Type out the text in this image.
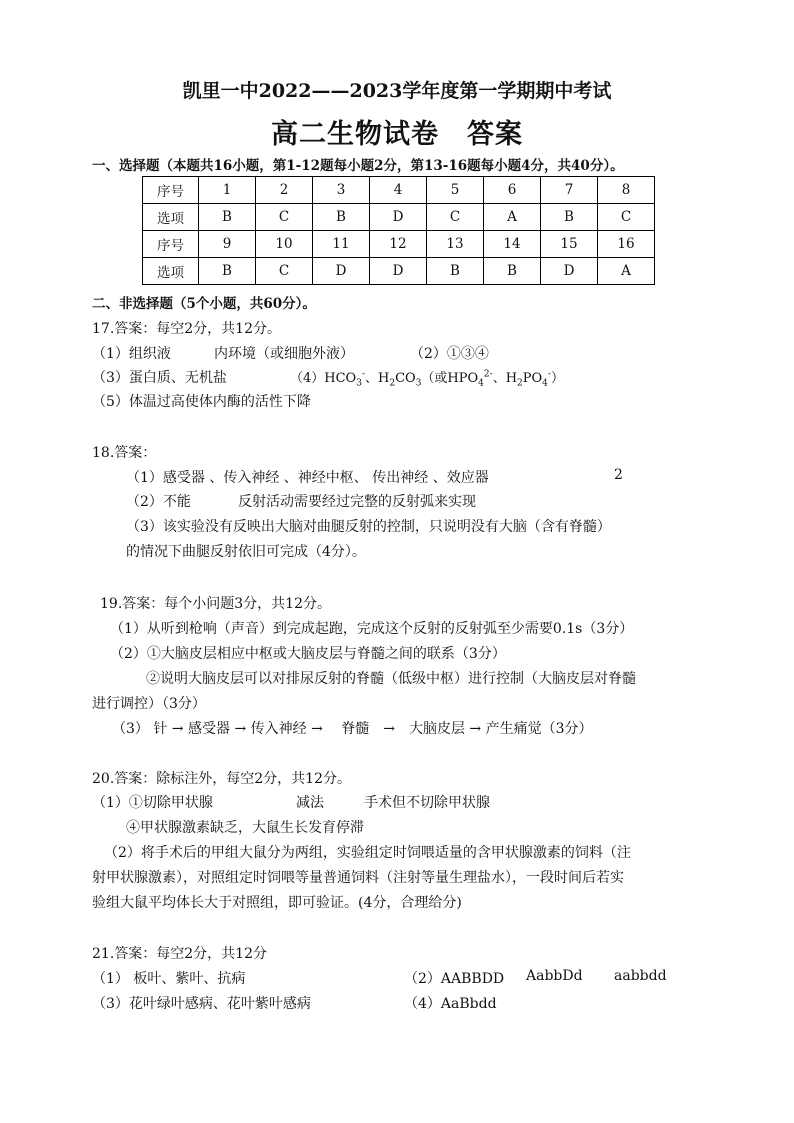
凯里一中2022——2023学年度第一学期期中考试
高二生物试卷　答案
一、选择题（本题共16小题，第1-12题每小题2分，第13-16题每小题4分，共40分）。
序号	1	2	3	4	5	6	7	8
选项	B	C	B	D	C	A	B	C
序号	9	10	11	12	13	14	15	16
选项	B	C	D	D	B	B	D	A
二、非选择题（5个小题，共60分）。
17.答案：每空2分，共12分。
（1）组织液	内环境（或细胞外液）	（2）①③④
（3）蛋白质、无机盐	$(4)HCO_3^-$、$H_2CO_3$（或$HPO_4^{2-}$、$H_2PO_4^-$）
（5）体温过高使体内酶的活性下降
18.答案：
（1）感受器 、传入神经 、神经中枢、 传出神经 、效应器	2
（2）不能	反射活动需要经过完整的反射弧来实现
（3）该实验没有反映出大脑对曲腿反射的控制，只说明没有大脑（含有脊髓）
的情况下曲腿反射依旧可完成（4分）。
19.答案：每个小问题3分，共12分。
（1）从听到枪响（声音）到完成起跑，完成这个反射的反射弧至少需要0.1s（3分）
（2）①大脑皮层相应中枢或大脑皮层与脊髓之间的联系（3分）
②说明大脑皮层可以对排尿反射的脊髓（低级中枢）进行控制（大脑皮层对脊髓
进行调控）（3分）
（3） 针 → 感受器 → 传入神经 →　 脊髓　→　大脑皮层 → 产生痛觉（3分）
20.答案：除标注外，每空2分，共12分。
（1）①切除甲状腺	减法	手术但不切除甲状腺
④甲状腺激素缺乏，大鼠生长发育停滞
（2）将手术后的甲组大鼠分为两组，实验组定时饲喂适量的含甲状腺激素的饲料（注
射甲状腺激素），对照组定时饲喂等量普通饲料（注射等量生理盐水），一段时间后若实
验组大鼠平均体长大于对照组，即可验证。(4分，合理给分)
21.答案：每空2分，共12分
（1） 板叶、紫叶、抗病	（2）AABBDD AabbDd aabbdd
（3）花叶绿叶感病、花叶紫叶感病	（4）AaBbdd
